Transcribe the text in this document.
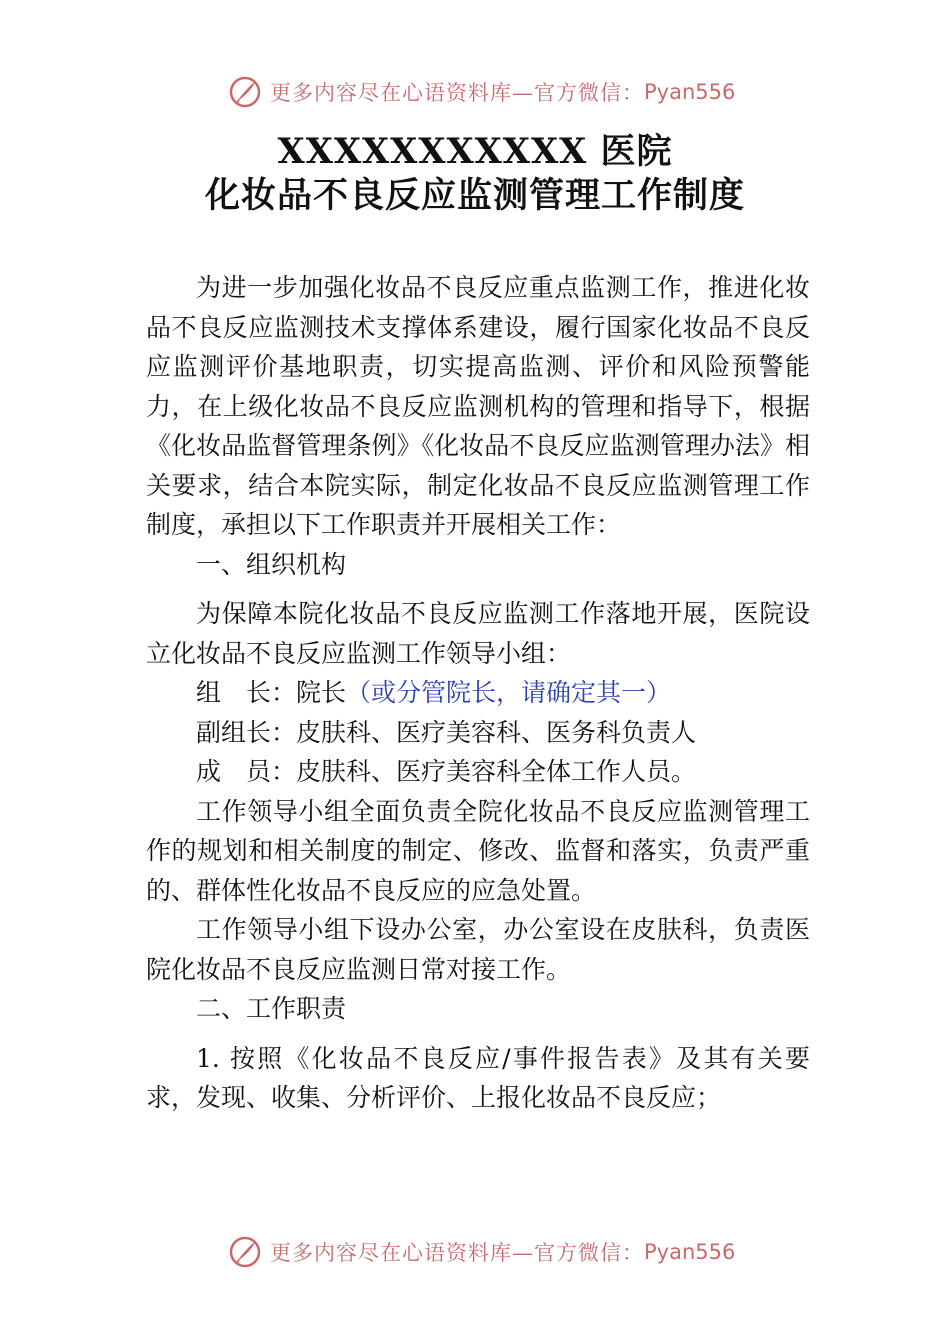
更多内容尽在心语资料库—官方微信： Pyan556
XXXXXXXXXXX 医院
化妆品不良反应监测管理工作制度

为进一步加强化妆品不良反应重点监测工作，推进化妆品不良反应监测技术支撑体系建设，履行国家化妆品不良反应监测评价基地职责，切实提高监测、评价和风险预警能力，在上级化妆品不良反应监测机构的管理和指导下，根据《化妆品监督管理条例》《化妆品不良反应监测管理办法》相关要求，结合本院实际，制定化妆品不良反应监测管理工作制度，承担以下工作职责并开展相关工作：

一、组织机构

为保障本院化妆品不良反应监测工作落地开展，医院设立化妆品不良反应监测工作领导小组：

组　长：院长（或分管院长，请确定其一）

副组长：皮肤科、医疗美容科、医务科负责人

成　员：皮肤科、医疗美容科全体工作人员。

工作领导小组全面负责全院化妆品不良反应监测管理工作的规划和相关制度的制定、修改、监督和落实，负责严重的、群体性化妆品不良反应的应急处置。

工作领导小组下设办公室，办公室设在皮肤科，负责医院化妆品不良反应监测日常对接工作。

二、工作职责

1. 按照《化妆品不良反应/事件报告表》及其有关要求，发现、收集、分析评价、上报化妆品不良反应；

更多内容尽在心语资料库—官方微信： Pyan556
